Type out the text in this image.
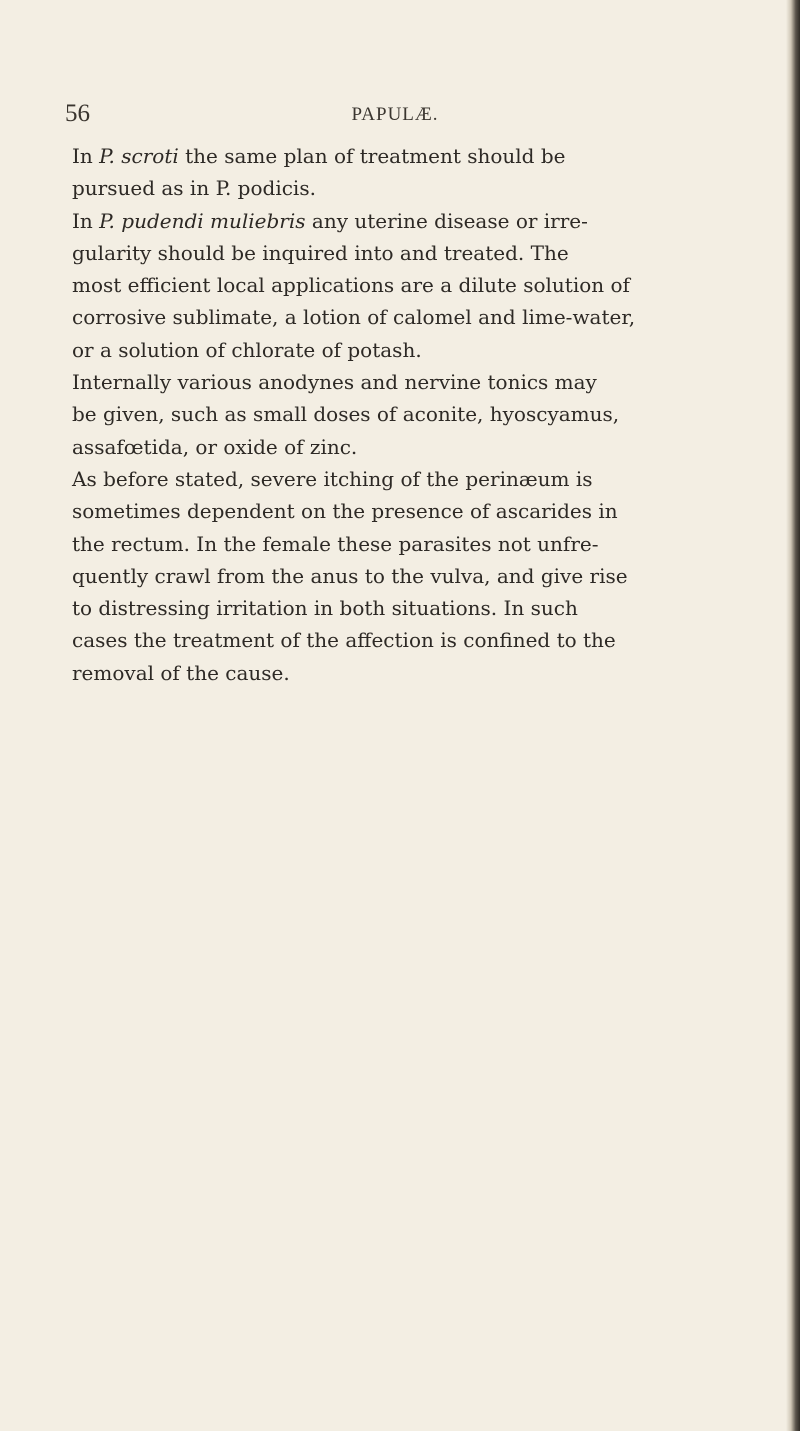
56	PAPULÆ.

In P. scroti the same plan of treatment should be
pursued as in P. podicis.

In P. pudendi muliebris any uterine disease or irre-
gularity should be inquired into and treated. The
most efficient local applications are a dilute solution of
corrosive sublimate, a lotion of calomel and lime-water,
or a solution of chlorate of potash.

Internally various anodynes and nervine tonics may
be given, such as small doses of aconite, hyoscyamus,
assafœtida, or oxide of zinc.

As before stated, severe itching of the perinæum is
sometimes dependent on the presence of ascarides in
the rectum. In the female these parasites not unfre-
quently crawl from the anus to the vulva, and give rise
to distressing irritation in both situations. In such
cases the treatment of the affection is confined to the
removal of the cause.
